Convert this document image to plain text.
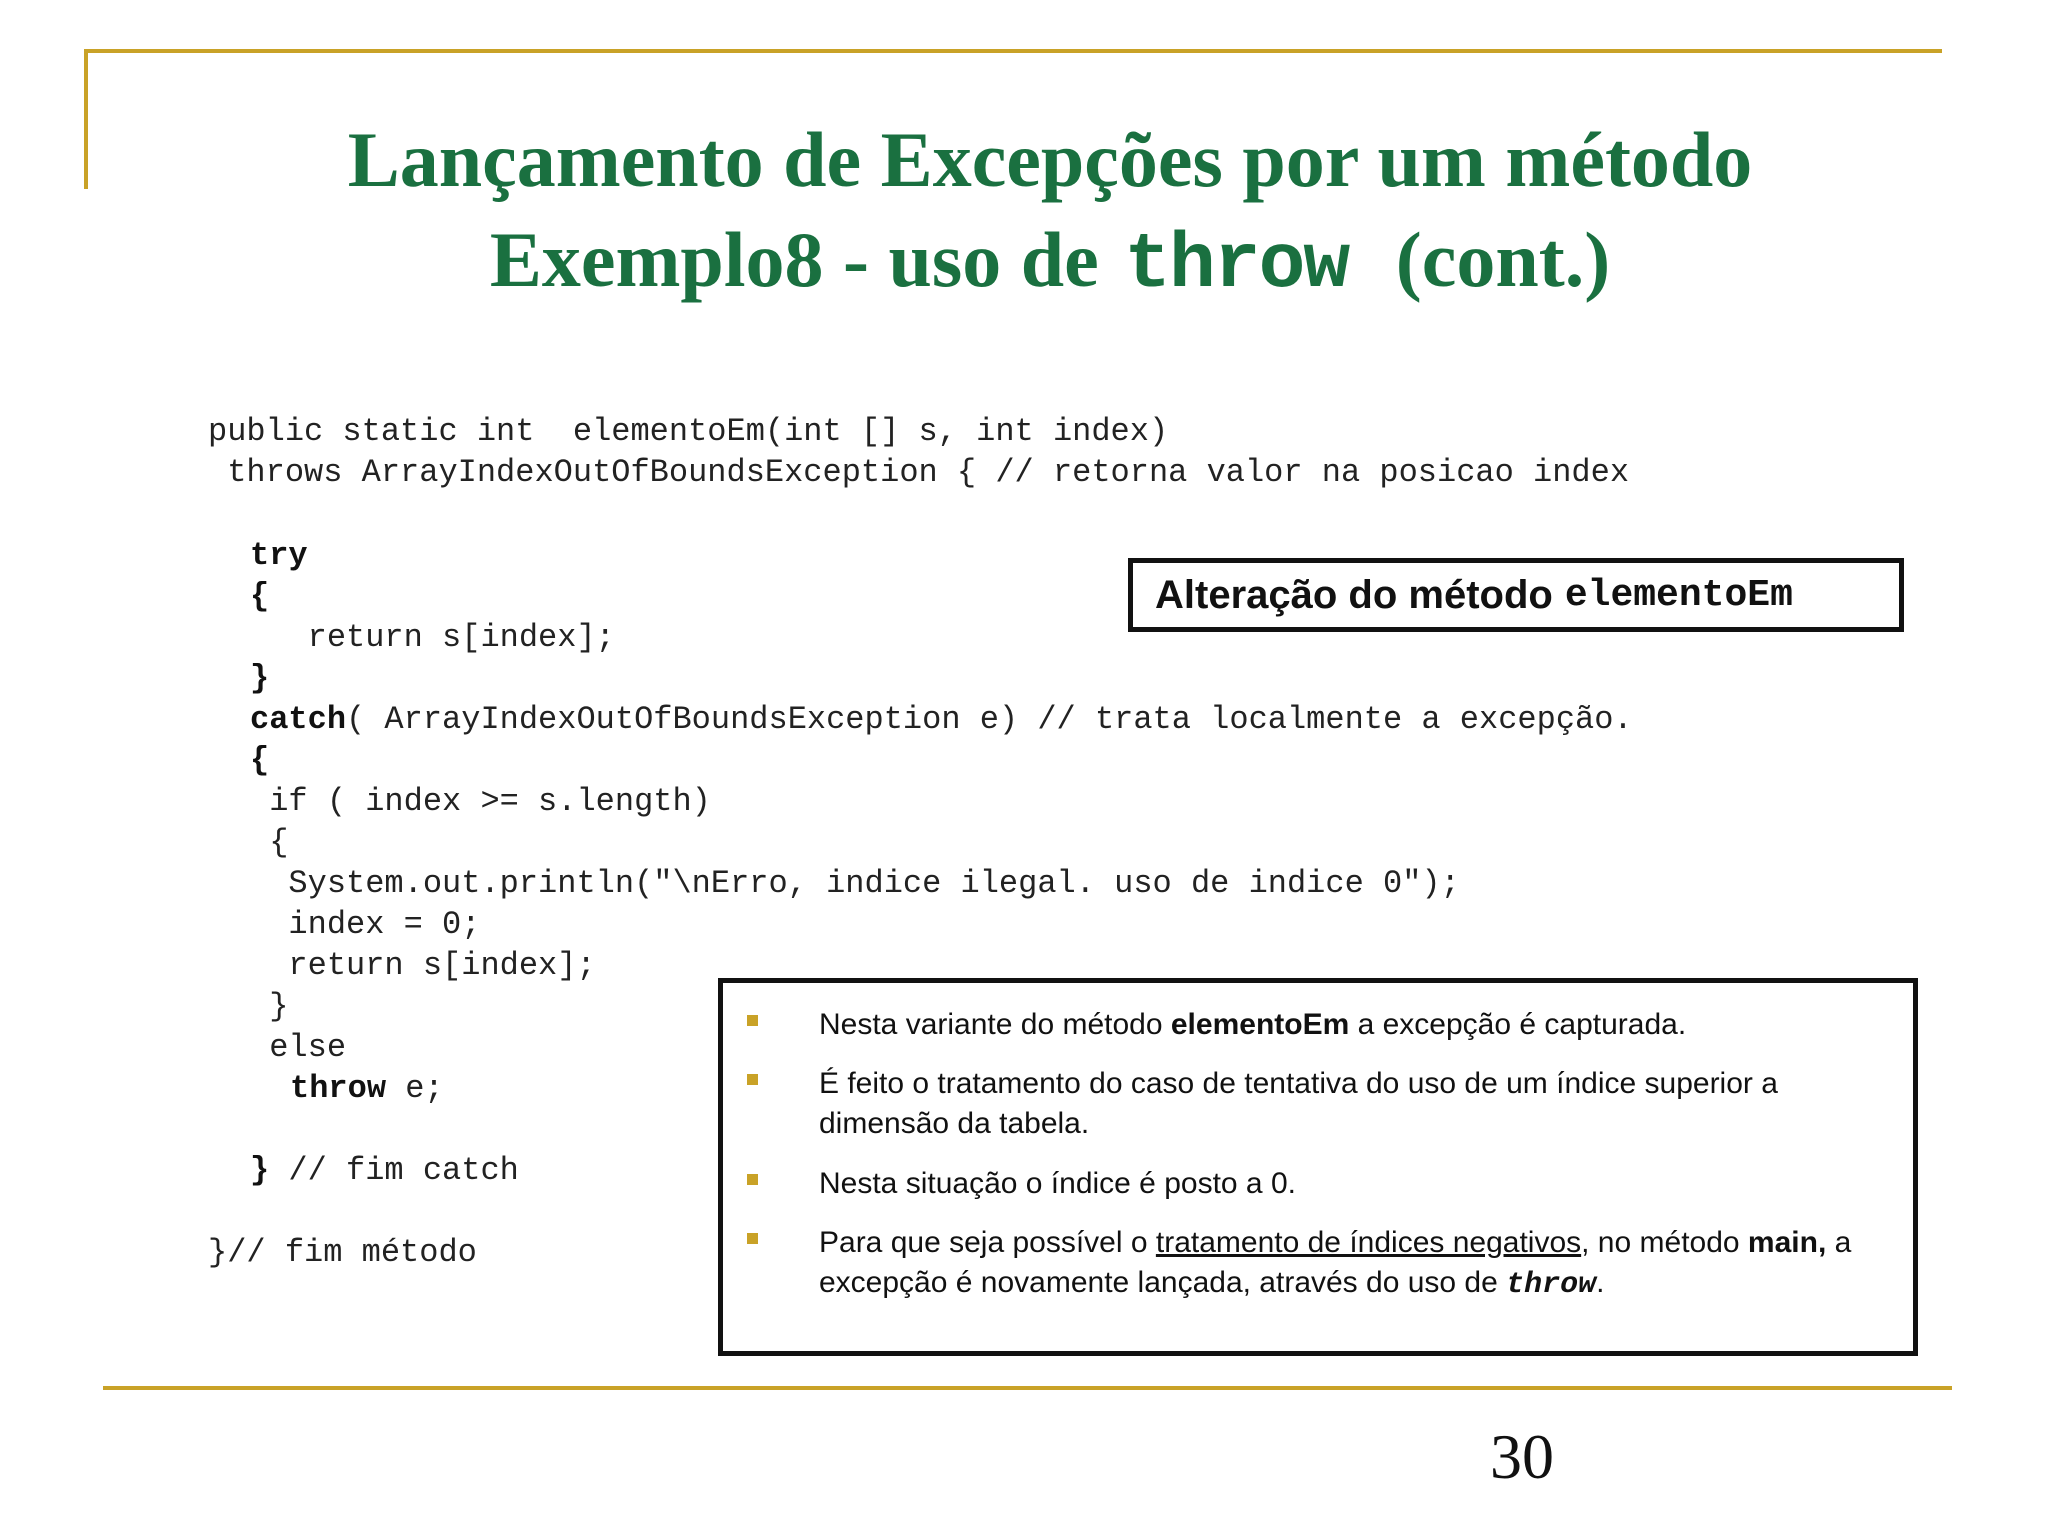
Lançamento de Excepções por um método
Exemplo8 - uso de throw (cont.)

public static int  elementoEm(int [] s, int index)

throws ArrayIndexOutOfBoundsException { // retorna valor na posicao index

try

{

return s[index];

}

catch( ArrayIndexOutOfBoundsException e) // trata localmente a excepção.

{

if ( index >= s.length)

{

System.out.println("\nErro, indice ilegal. uso de indice 0");

index = 0;

return s[index];

}

else

throw e;

} // fim catch

}// fim método

Alteração do método elementoEm
Nesta variante do método elementoEm a excepção é capturada.
É feito o tratamento do caso de tentativa do uso de um índice superior a dimensão da tabela.
Nesta situação o índice é posto a 0.
Para que seja possível o tratamento de índices negativos, no método main, a excepção é novamente lançada, através do uso de throw.
30
